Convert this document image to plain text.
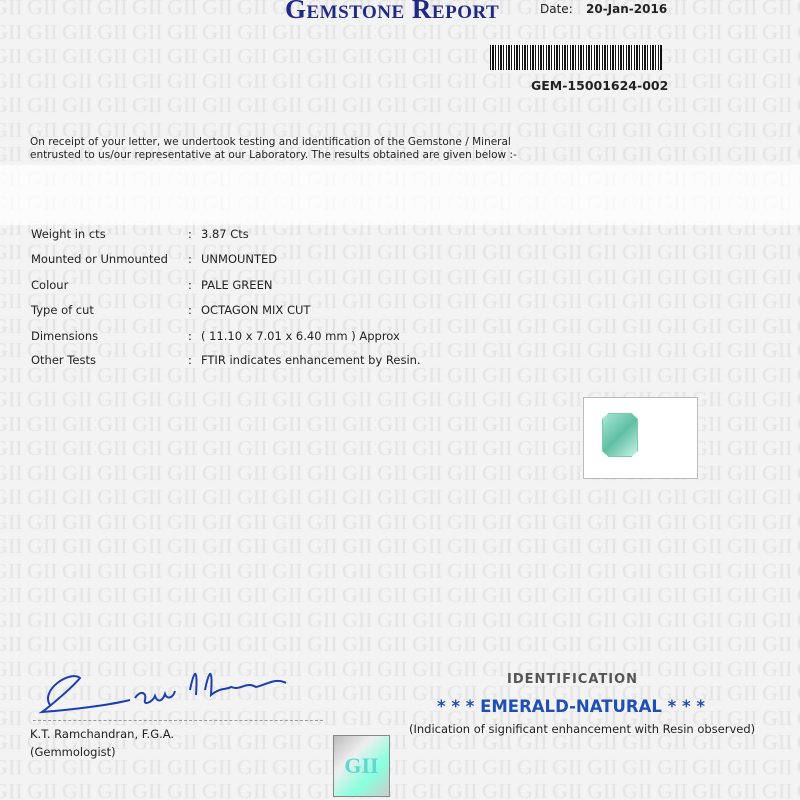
Gemstone Report	Date: 20-Jan-2016
GEM-15001624-002
On receipt of your letter, we undertook testing and identification of the Gemstone / Mineral entrusted to us/our representative at our Laboratory. The results obtained are given below :-
Weight in cts	: 3.87 Cts
Mounted or Unmounted : UNMOUNTED
Colour	: PALE GREEN
Type of cut	: OCTAGON MIX CUT
Dimensions	: ( 11.10 x 7.01 x 6.40 mm ) Approx
Other Tests	: FTIR indicates enhancement by Resin.
K.T. Ramchandran, F.G.A.
(Gemmologist)
GII
IDENTIFICATION
* * * EMERALD-NATURAL * * *
(Indication of significant enhancement with Resin observed)
